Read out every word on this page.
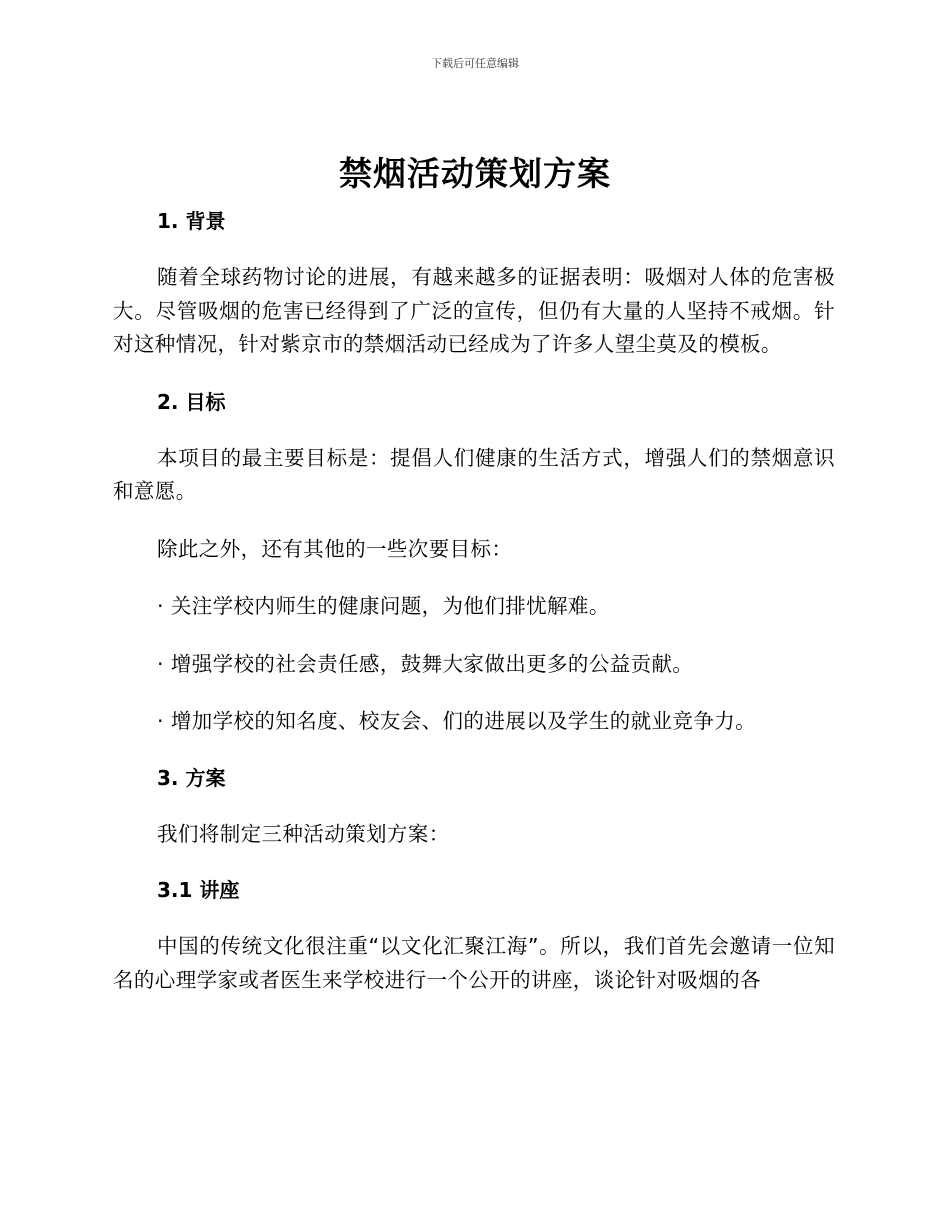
下载后可任意编辑
禁烟活动策划方案
1. 背景

随着全球药物讨论的进展，有越来越多的证据表明：吸烟对人体的危害极大。尽管吸烟的危害已经得到了广泛的宣传，但仍有大量的人坚持不戒烟。针对这种情况，针对紫京市的禁烟活动已经成为了许多人望尘莫及的模板。

2. 目标

本项目的最主要目标是：提倡人们健康的生活方式，增强人们的禁烟意识和意愿。

除此之外，还有其他的一些次要目标：

· 关注学校内师生的健康问题，为他们排忧解难。

· 增强学校的社会责任感，鼓舞大家做出更多的公益贡献。

· 增加学校的知名度、校友会、们的进展以及学生的就业竞争力。

3. 方案

我们将制定三种活动策划方案：

3.1 讲座

中国的传统文化很注重“以文化汇聚江海”。所以，我们首先会邀请一位知名的心理学家或者医生来学校进行一个公开的讲座，谈论针对吸烟的各
